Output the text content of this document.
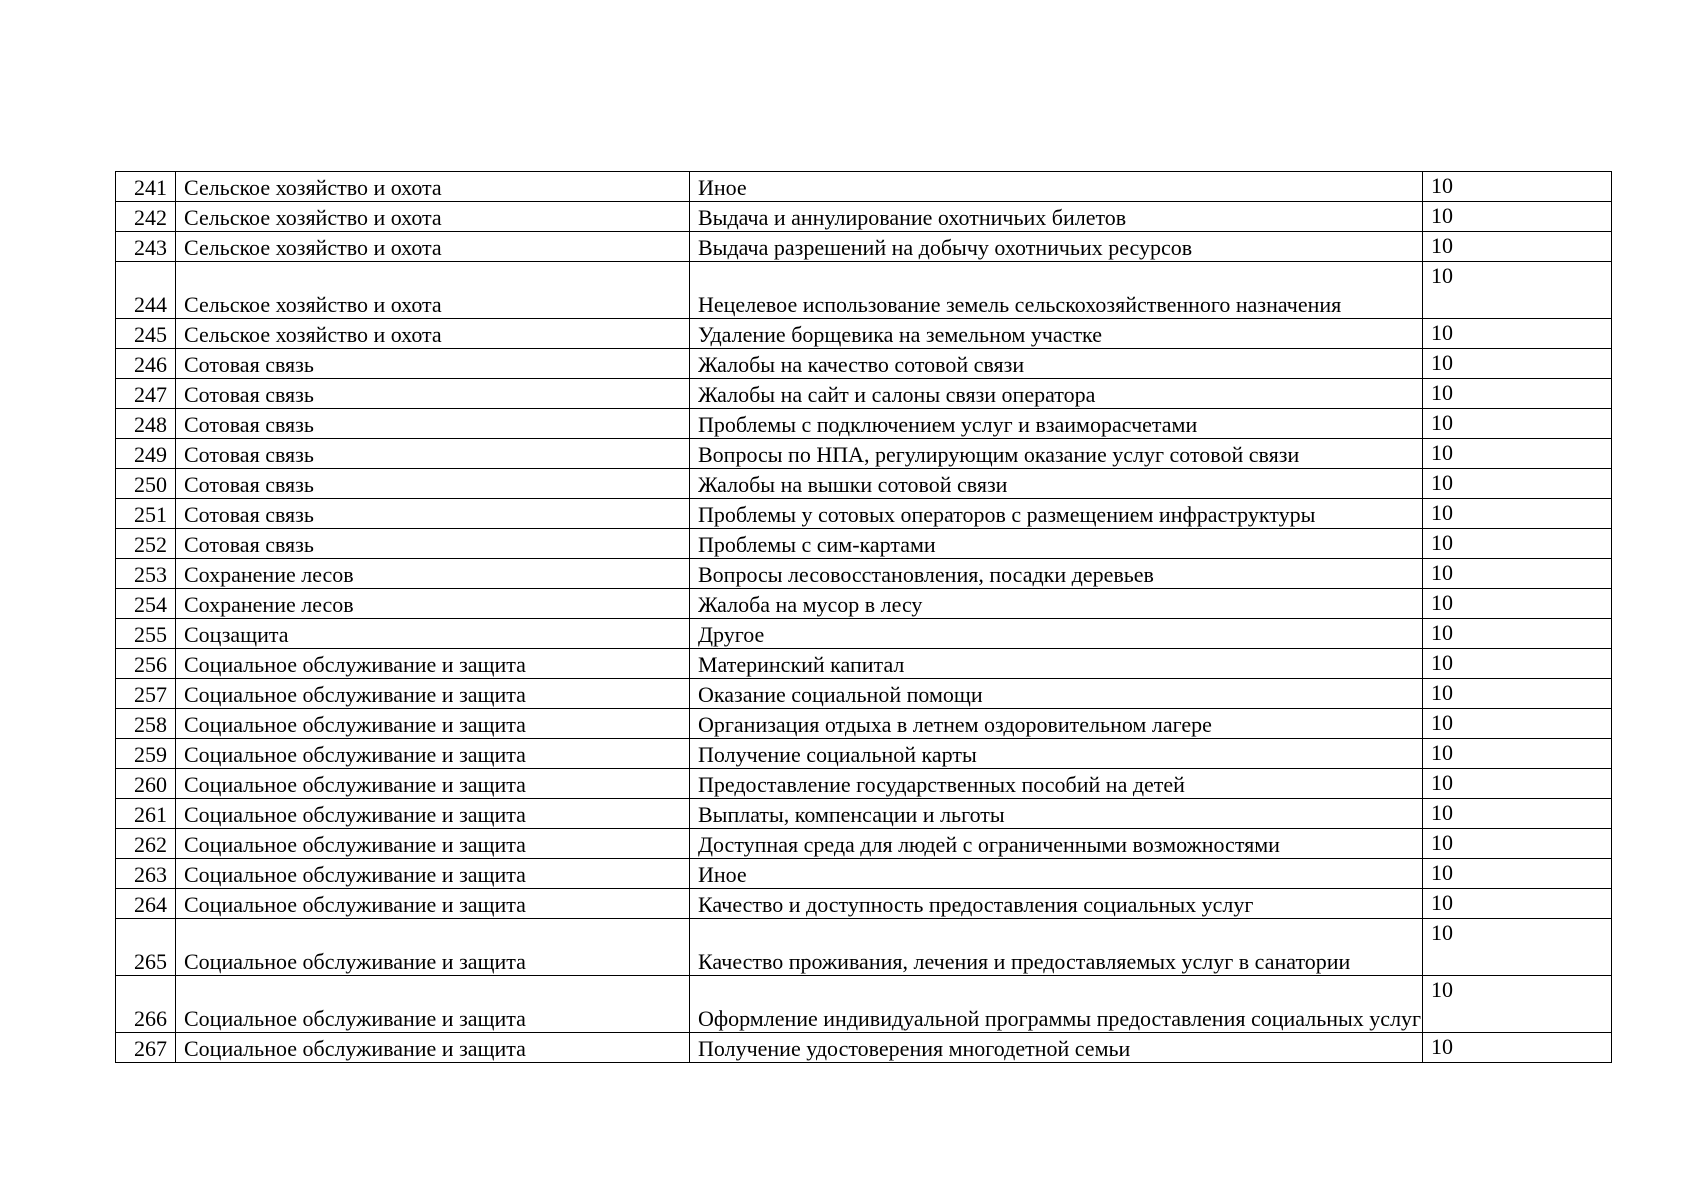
241	Сельское хозяйство и охота	Иное	10
242	Сельское хозяйство и охота	Выдача и аннулирование охотничьих билетов	10
243	Сельское хозяйство и охота	Выдача разрешений на добычу охотничьих ресурсов	10
244	Сельское хозяйство и охота	Нецелевое использование земель сельскохозяйственного назначения	10
245	Сельское хозяйство и охота	Удаление борщевика на земельном участке	10
246	Сотовая связь	Жалобы на качество сотовой связи	10
247	Сотовая связь	Жалобы на сайт и салоны связи оператора	10
248	Сотовая связь	Проблемы с подключением услуг и взаиморасчетами	10
249	Сотовая связь	Вопросы по НПА, регулирующим оказание услуг сотовой связи	10
250	Сотовая связь	Жалобы на вышки сотовой связи	10
251	Сотовая связь	Проблемы у сотовых операторов с размещением инфраструктуры	10
252	Сотовая связь	Проблемы с сим-картами	10
253	Сохранение лесов	Вопросы лесовосстановления, посадки деревьев	10
254	Сохранение лесов	Жалоба на мусор в лесу	10
255	Соцзащита	Другое	10
256	Социальное обслуживание и защита	Материнский капитал	10
257	Социальное обслуживание и защита	Оказание социальной помощи	10
258	Социальное обслуживание и защита	Организация отдыха в летнем оздоровительном лагере	10
259	Социальное обслуживание и защита	Получение социальной карты	10
260	Социальное обслуживание и защита	Предоставление государственных пособий на детей	10
261	Социальное обслуживание и защита	Выплаты, компенсации и льготы	10
262	Социальное обслуживание и защита	Доступная среда для людей с ограниченными возможностями	10
263	Социальное обслуживание и защита	Иное	10
264	Социальное обслуживание и защита	Качество и доступность предоставления социальных услуг	10
265	Социальное обслуживание и защита	Качество проживания, лечения и предоставляемых услуг в санатории	10
266	Социальное обслуживание и защита	Оформление индивидуальной программы предоставления социальных услуг	10
267	Социальное обслуживание и защита	Получение удостоверения многодетной семьи	10
